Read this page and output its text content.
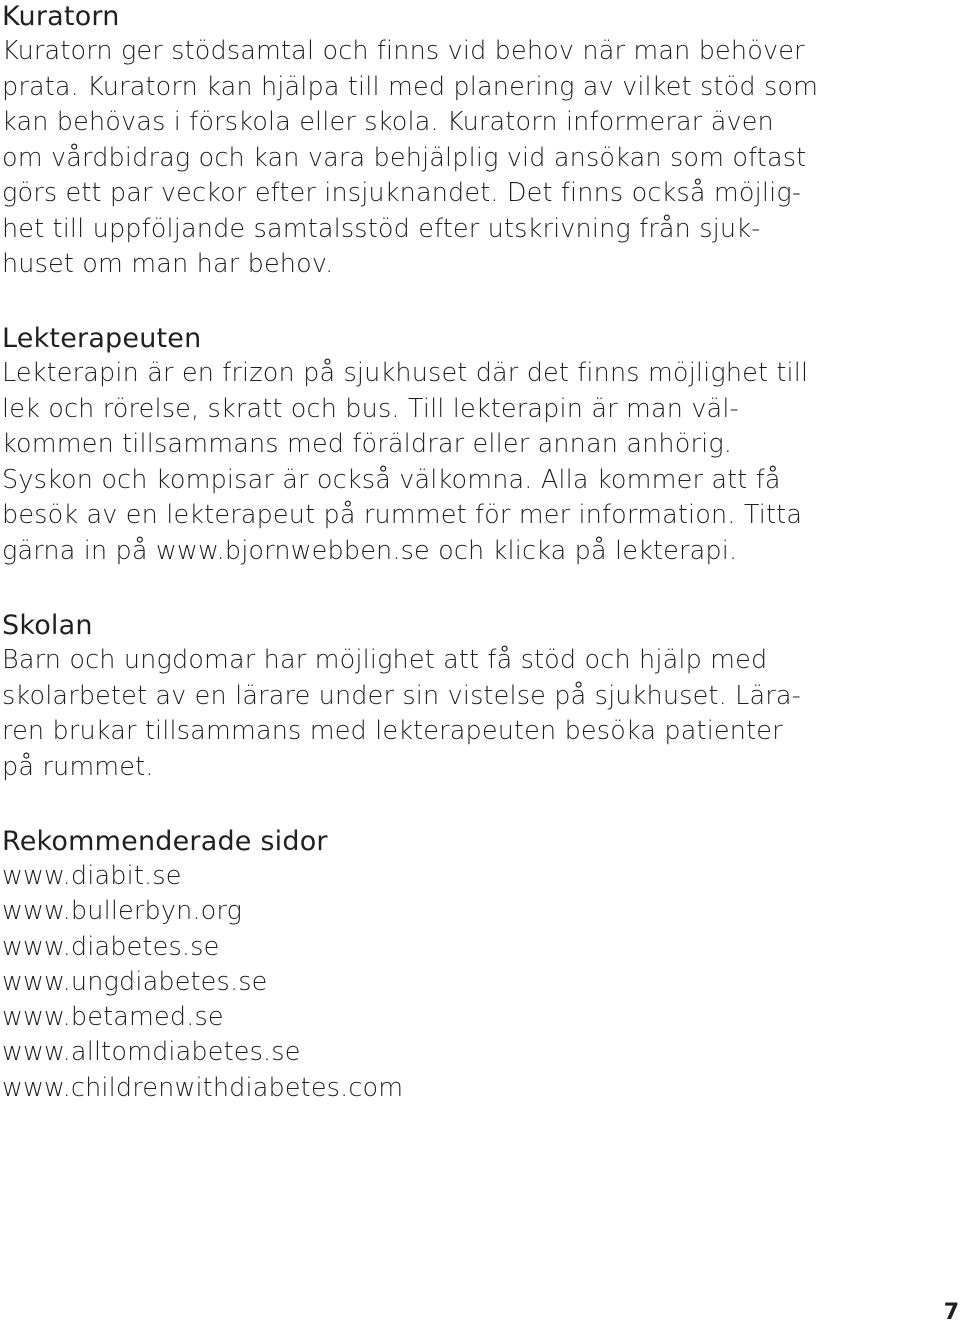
Kuratorn
Kuratorn ger stödsamtal och finns vid behov när man behöver
prata. Kuratorn kan hjälpa till med planering av vilket stöd som
kan behövas i förskola eller skola. Kuratorn informerar även
om vårdbidrag och kan vara behjälplig vid ansökan som oftast
görs ett par veckor efter insjuknandet. Det finns också möjlig-
het till uppföljande samtalsstöd efter utskrivning från sjuk-
huset om man har behov.
Lekterapeuten
Lekterapin är en frizon på sjukhuset där det finns möjlighet till
lek och rörelse, skratt och bus. Till lekterapin är man väl-
kommen tillsammans med föräldrar eller annan anhörig.
Syskon och kompisar är också välkomna. Alla kommer att få
besök av en lekterapeut på rummet för mer information. Titta
gärna in på www.bjornwebben.se och klicka på lekterapi.
Skolan
Barn och ungdomar har möjlighet att få stöd och hjälp med
skolarbetet av en lärare under sin vistelse på sjukhuset. Lära-
ren brukar tillsammans med lekterapeuten besöka patienter
på rummet.
Rekommenderade sidor
www.diabit.se
www.bullerbyn.org
www.diabetes.se
www.ungdiabetes.se
www.betamed.se
www.alltomdiabetes.se
www.childrenwithdiabetes.com
7
